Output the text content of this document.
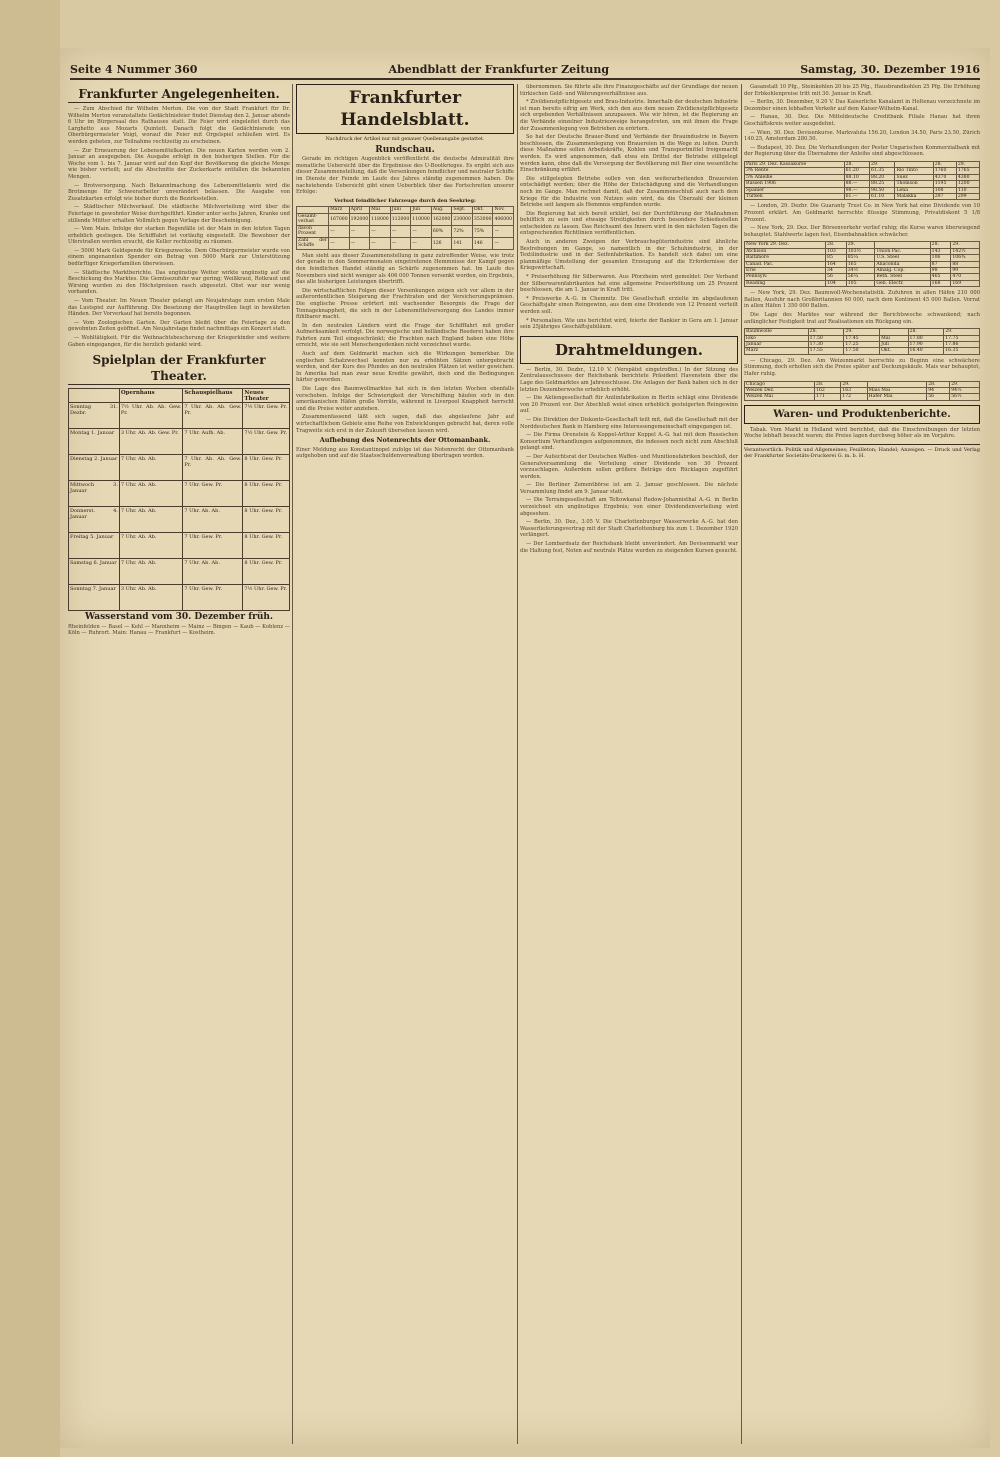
Seite 4 Nummer 360	Abendblatt der Frankfurter Zeitung	Samstag, 30. Dezember 1916
Frankfurter Angelegenheiten.

— Zum Abschied für Wilhelm Merton. Die von der Stadt Frankfurt für Dr. Wilhelm Merton veranstaltete Gedächtnisfeier findet Dienstag den 2. Januar abends 6 Uhr im Bürgersaal des Rathauses statt. Die Feier wird eingeleitet durch das Larghetto aus Mozarts Quintett. Danach folgt die Gedächtnisrede von Oberbürgermeister Voigt, worauf die Feier mit Orgelspiel schließen wird. Es werden gebeten, zur Teilnahme rechtzeitig zu erscheinen.

— Zur Erneuerung der Lebensmittelkarten. Die neuen Karten werden vom 2. Januar an ausgegeben. Die Ausgabe erfolgt in den bisherigen Stellen. Für die Woche vom 1. bis 7. Januar wird auf den Kopf der Bevölkerung die gleiche Menge wie bisher verteilt; auf die Abschnitte der Zuckerkarte entfallen die bekannten Mengen.

— Brotversorgung. Nach Bekanntmachung des Lebensmittelamts wird die Brotmenge für Schwerarbeiter unverändert belassen. Die Ausgabe von Zusatzkarten erfolgt wie bisher durch die Bezirksstellen.

— Städtischer Milchverkauf. Die städtische Milchverteilung wird über die Feiertage in gewohnter Weise durchgeführt. Kinder unter sechs Jahren, Kranke und stillende Mütter erhalten Vollmilch gegen Vorlage der Bescheinigung.

— Vom Main. Infolge der starken Regenfälle ist der Main in den letzten Tagen erheblich gestiegen. Die Schifffahrt ist vorläufig eingestellt. Die Bewohner der Uferstraßen werden ersucht, die Keller rechtzeitig zu räumen.

— 5000 Mark Geldspende für Kriegszwecke. Dem Oberbürgermeister wurde von einem ungenannten Spender ein Betrag von 5000 Mark zur Unterstützung bedürftiger Kriegerfamilien überwiesen.

— Städtische Marktberichte. Das ungünstige Wetter wirkte ungünstig auf die Beschickung des Marktes. Die Gemüsezufuhr war gering; Weißkraut, Rotkraut und Wirsing wurden zu den Höchstpreisen rasch abgesetzt. Obst war nur wenig vorhanden.

— Vom Theater. Im Neuen Theater gelangt am Neujahrstage zum ersten Male das Lustspiel zur Aufführung. Die Besetzung der Hauptrollen liegt in bewährten Händen. Der Vorverkauf hat bereits begonnen.

— Vom Zoologischen Garten. Der Garten bleibt über die Feiertage zu den gewohnten Zeiten geöffnet. Am Neujahrstage findet nachmittags ein Konzert statt.

— Wohltätigkeit. Für die Weihnachtsbescherung der Kriegerkinder sind weitere Gaben eingegangen, für die herzlich gedankt wird.

Spielplan der Frankfurter Theater.
	Opernhaus	Schauspielhaus	Neues Theater
Sonntag 31. Dezbr.	7½ Uhr. Ab. Ab. Gew. Pr.	7 Uhr. Ab. Ab. Gew. Pr.	7½ Uhr. Gew. Pr.
Montag 1. Januar	3 Uhr. Ab. Ab. Gew. Pr.	7 Uhr. Aufh. Ab.	7½ Uhr. Gew. Pr.
Dienstag 2. Januar	7 Uhr. Ab. Ab.	7 Uhr. Ab. Ab. Gew. Pr.	8 Uhr. Gew. Pr.
Mittwoch 3. Januar	7 Uhr. Ab. Ab.	7 Uhr. Gew. Pr.	8 Uhr. Gew. Pr.
Donnerst. 4. Januar	7 Uhr. Ab. Ab.	7 Uhr. Ab. Ab.	8 Uhr. Gew. Pr.
Freitag 5. Januar	7 Uhr. Ab. Ab.	7 Uhr. Gew. Pr.	8 Uhr. Gew. Pr.
Samstag 6. Januar	7 Uhr. Ab. Ab.	7 Uhr. Ab. Ab.	8 Uhr. Gew. Pr.
Sonntag 7. Januar	3 Uhr. Ab. Ab.	7 Uhr. Gew. Pr.	7½ Uhr. Gew. Pr.
Wasserstand vom 30. Dezember früh.
Rheinfelden — Basel — Kehl — Mannheim — Mainz — Bingen — Kaub — Koblenz — Köln — Ruhrort. Main: Hanau — Frankfurt — Kostheim.
Frankfurter Handelsblatt.
Nachdruck der Artikel nur mit genauer Quellenangabe gestattet.
Rundschau.

Gerade im richtigen Augenblick veröffentlicht die deutsche Admiralität ihre monatliche Uebersicht über die Ergebnisse des U-Bootkrieges. Es ergibt sich aus dieser Zusammenstellung, daß die Versenkungen feindlicher und neutraler Schiffe im Dienste der Feinde im Laufe des Jahres ständig zugenommen haben. Die nachstehende Uebersicht gibt einen Ueberblick über das Fortschreiten unserer Erfolge:

Verlust feindlicher Fahrzeuge durch den Seekrieg:
	März	April	Mai	Juni	Juli	Aug.	Sept.	Okt.	Nov.
Gesamt-verlust	167000	192000	118000	112000	110000	162000	230000	353000	406000
davon Prozent	—	—	—	—	—	60%	72%	75%	—
Zahl der Schiffe	—	—	—	—	—	126	141	146	—

Man sieht aus dieser Zusammenstellung in ganz zutreffender Weise, wie trotz der gerade in den Sommermonaten eingetretenen Hemmnisse der Kampf gegen den feindlichen Handel ständig an Schärfe zugenommen hat. Im Laufe des Novembers sind nicht weniger als 406 000 Tonnen versenkt worden, ein Ergebnis, das alle bisherigen Leistungen übertrifft.

Die wirtschaftlichen Folgen dieser Versenkungen zeigen sich vor allem in der außerordentlichen Steigerung der Frachtraten und der Versicherungsprämien. Die englische Presse erörtert mit wachsender Besorgnis die Frage der Tonnageknappheit, die sich in der Lebensmittelversorgung des Landes immer fühlbarer macht.

In den neutralen Ländern wird die Frage der Schifffahrt mit großer Aufmerksamkeit verfolgt. Die norwegische und holländische Reederei haben ihre Fahrten zum Teil eingeschränkt; die Frachten nach England haben eine Höhe erreicht, wie sie seit Menschengedenken nicht verzeichnet wurde.

Auch auf dem Geldmarkt machen sich die Wirkungen bemerkbar. Die englischen Schatzwechsel konnten nur zu erhöhten Sätzen untergebracht werden, und der Kurs des Pfundes an den neutralen Plätzen ist weiter gewichen. In Amerika hat man zwar neue Kredite gewährt, doch sind die Bedingungen härter geworden.

Die Lage des Baumwollmarktes hat sich in den letzten Wochen ebenfalls verschoben. Infolge der Schwierigkeit der Verschiffung häufen sich in den amerikanischen Häfen große Vorräte, während in Liverpool Knappheit herrscht und die Preise weiter anziehen.

Zusammenfassend läßt sich sagen, daß das abgelaufene Jahr auf wirtschaftlichem Gebiete eine Reihe von Entwicklungen gebracht hat, deren volle Tragweite sich erst in der Zukunft übersehen lassen wird.

Aufhebung des Notenrechts der Ottomanbank.
Einer Meldung aus Konstantinopel zufolge ist das Notenrecht der Ottomanbank aufgehoben und auf die Staatsschuldenverwaltung übertragen worden.

übernommen. Sie führte alle ihre Finanzgeschäfte auf der Grundlage der neuen türkischen Geld- und Währungsverhältnisse aus.

* Zivildienstpflichtgesetz und Brau-Industrie. Innerhalb der deutschen Industrie ist man bereits eifrig am Werk, sich den aus dem neuen Zivildienstpflichtgesetz sich ergebenden Verhältnissen anzupassen. Wie wir hören, ist die Regierung an die Verbände einzelner Industriezweige herangetreten, um mit ihnen die Frage der Zusammenlegung von Betrieben zu erörtern.

So hat der Deutsche Brauer-Bund und Verbände der Brauindustrie in Bayern beschlossen, die Zusammenlegung von Brauereien in die Wege zu leiten. Durch diese Maßnahme sollen Arbeitskräfte, Kohlen und Transportmittel freigemacht werden. Es wird angenommen, daß etwa ein Drittel der Betriebe stillgelegt werden kann, ohne daß die Versorgung der Bevölkerung mit Bier eine wesentliche Einschränkung erfährt.

Die stillgelegten Betriebe sollen von den weiterarbeitenden Brauereien entschädigt werden; über die Höhe der Entschädigung sind die Verhandlungen noch im Gange. Man rechnet damit, daß der Zusammenschluß auch nach dem Kriege für die Industrie von Nutzen sein wird, da die Überzahl der kleinen Betriebe seit langem als Hemmnis empfunden wurde.

Die Regierung hat sich bereit erklärt, bei der Durchführung der Maßnahmen behilflich zu sein und etwaige Streitigkeiten durch besondere Schiedsstellen entscheiden zu lassen. Das Reichsamt des Innern wird in den nächsten Tagen die entsprechenden Richtlinien veröffentlichen.

Auch in anderen Zweigen der Verbrauchsgüterindustrie sind ähnliche Bestrebungen im Gange, so namentlich in der Schuhindustrie, in der Textilindustrie und in der Seifenfabrikation. Es handelt sich dabei um eine planmäßige Umstellung der gesamten Erzeugung auf die Erfordernisse der Kriegswirtschaft.

* Preiserhöhung für Silberwaren. Aus Pforzheim wird gemeldet: Der Verband der Silberwarenfabrikanten hat eine allgemeine Preiserhöhung um 25 Prozent beschlossen, die am 1. Januar in Kraft tritt.

* Preiswerke A.-G. in Chemnitz. Die Gesellschaft erzielte im abgelaufenen Geschäftsjahr einen Reingewinn, aus dem eine Dividende von 12 Prozent verteilt werden soll.

* Personalien. Wie uns berichtet wird, feierte der Bankier in Gera am 1. Januar sein 25jähriges Geschäftsjubiläum.

Drahtmeldungen.

— Berlin, 30. Dezbr., 12.10 V. (Verspätet eingetroffen.) In der Sitzung des Zentralausschusses der Reichsbank berichtete Präsident Havenstein über die Lage des Geldmarktes am Jahresschlusse. Die Anlagen der Bank haben sich in der letzten Dezemberwoche erheblich erhöht.

— Die Aktiengesellschaft für Anilinfabrikation in Berlin schlägt eine Dividende von 20 Prozent vor. Der Abschluß weist einen erheblich gesteigerten Reingewinn auf.

— Die Direktion der Diskonto-Gesellschaft teilt mit, daß die Gesellschaft mit der Norddeutschen Bank in Hamburg eine Interessengemeinschaft eingegangen ist.

— Die Firma Orenstein & Koppel-Arthur Koppel A.-G. hat mit dem Russischen Konsortium Verhandlungen aufgenommen, die indessen noch nicht zum Abschluß gelangt sind.

— Der Aufsichtsrat der Deutschen Waffen- und Munitionsfabriken beschloß, der Generalversammlung die Verteilung einer Dividende von 30 Prozent vorzuschlagen. Außerdem sollen größere Beträge den Rücklagen zugeführt werden.

— Die Berliner Zementbörse ist am 2. Januar geschlossen. Die nächste Versammlung findet am 9. Januar statt.

— Die Terraingesellschaft am Teltowkanal Rudow-Johannisthal A.-G. in Berlin verzeichnet ein ungünstiges Ergebnis; von einer Dividendenverteilung wird abgesehen.

— Berlin, 30. Dez., 3.05 V. Die Charlottenburger Wasserwerke A.-G. hat den Wasserlieferungsvertrag mit der Stadt Charlottenburg bis zum 1. Dezember 1920 verlängert.

— Der Lombardsatz der Reichsbank bleibt unverändert. Am Devisenmarkt war die Haltung fest, Noten auf neutrale Plätze wurden zu steigenden Kursen gesucht.

Gasanstalt 10 Pfg., Steinkohlen 20 bis 25 Pfg., Hausbrandkohlen 25 Pfg. Die Erhöhung der Erbkohlenpreise tritt mit 30. Januar in Kraft.

— Berlin, 30. Dezember, 9.20 V. Das Kaiserliche Kanalamt in Holtenau verzeichnete im Dezember einen lebhaften Verkehr auf dem Kaiser-Wilhelm-Kanal.

— Hanau, 30. Dez. Die Mitteldeutsche Creditbank Filiale Hanau hat ihren Geschäftskreis weiter ausgedehnt.

— Wien, 30. Dez. Devisenkurse. Markvaluta 156.20, London 34.50, Paris 23.50, Zürich 140.25, Amsterdam 280.50.

— Budapest, 30. Dez. Die Verhandlungen der Pester Ungarischen Kommerzialbank mit der Regierung über die Übernahme der Anleihe sind abgeschlossen.

Paris 29. Dez. Kassakurse	28.	29.		28.	29.
3% Rente	61.20	61.35	Rio Tinto	1760	1765
5% Anleihe	88.10	88.20	Suez	4370	4380
Russen 1906	88.—	88.25	Thomson	1195	1200
Spanier	98.—	98.50	Lena	108	110
Türken	61.—	61.10	Malakka	297	299

— London, 29. Dezbr. Die Guaranty Trust Co. in New York hat eine Dividende von 10 Prozent erklärt. Am Geldmarkt herrschte flüssige Stimmung, Privatdiskont 5 1/8 Prozent.

— New York, 29. Dez. Der Börsenverkehr verlief ruhig; die Kurse waren überwiegend behauptet. Stahlwerte lagen fest, Eisenbahnaktien schwächer.

New York 29. Dez.	28.	29.		28.	29.
Atchison	103	103½	Union Pac.	143	142½
Baltimore	85	85¼	U.S. Steel	106	106¾
Canad. Pac.	164	165	Anaconda	87	88
Erie	34	34½	Amalg. Cop.	98	99
Pennsylv.	56	56¼	Beth. Steel	465	470
Reading	104	105	Gen. Electr.	168	169

— New York, 29. Dez. Baumwoll-Wochenstatistik. Zufuhren in allen Häfen 210 000 Ballen, Ausfuhr nach Großbritannien 60 000, nach dem Kontinent 45 000 Ballen. Vorrat in allen Häfen 1 350 000 Ballen.

Die Lage des Marktes war während der Berichtswoche schwankend; nach anfänglicher Festigkeit trat auf Realisationen ein Rückgang ein.

Baumwolle	28.	29.		28.	29.
loko	17.50	17.45	Mai	17.80	17.75
Januar	17.30	17.25	Juli	17.90	17.86
März	17.55	17.50	Okt.	16.40	16.35

— Chicago, 29. Dez. Am Weizenmarkt herrschte zu Beginn eine schwächere Stimmung, doch erholten sich die Preise später auf Deckungskäufe. Mais war behauptet, Hafer ruhig.

Chicago	28.	29.		28.	29.
Weizen Dez.	162	163	Mais Mai	94	94½
Weizen Mai	171	172	Hafer Mai	56	56½
Waren- und Produktenberichte.

Tabak. Vom Markt in Holland wird berichtet, daß die Einschreibungen der letzten Woche lebhaft besucht waren; die Preise lagen durchweg höher als im Vorjahre.

Verantwortlich: Politik und Allgemeines; Feuilleton; Handel; Anzeigen. — Druck und Verlag der Frankfurter Societäts-Druckerei G. m. b. H.
